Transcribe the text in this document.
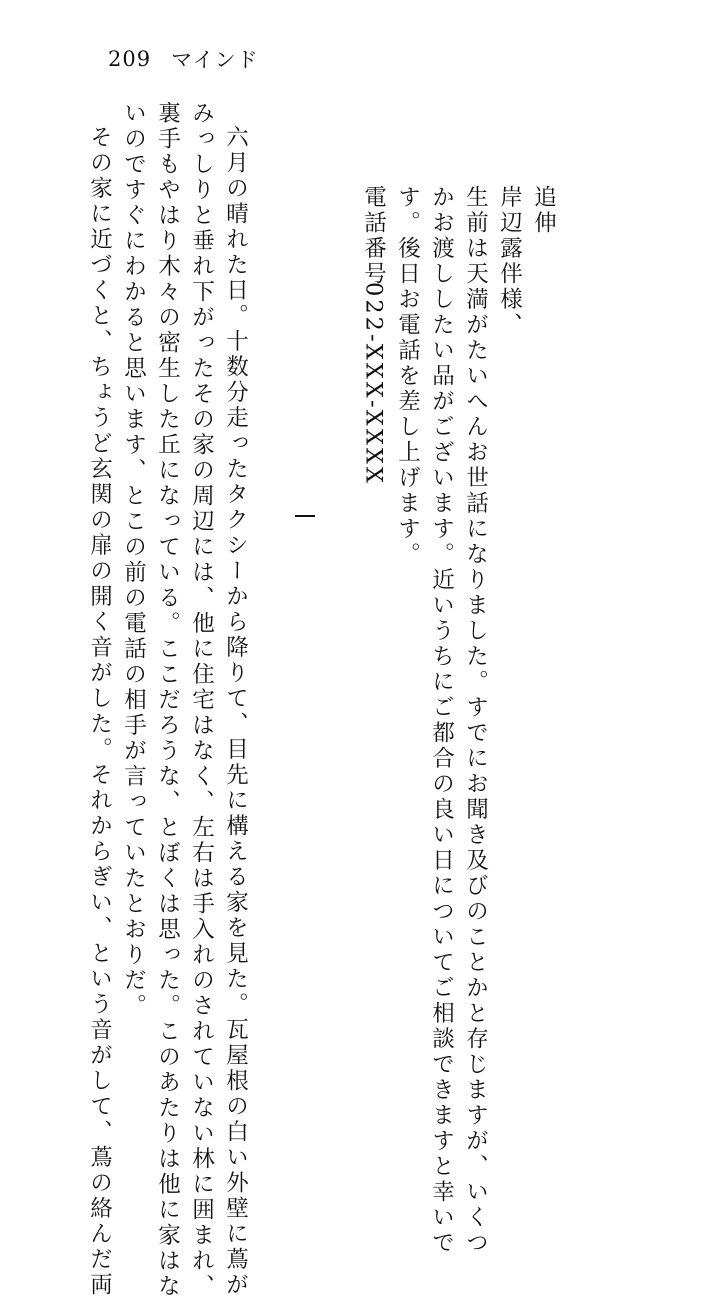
209 マインド
追伸
岸辺露伴様、
生前は天満がたいへんお世話になりました。すでにお聞き及びのことかと存じますが、いくつ
かお渡ししたい品がございます。近いうちにご都合の良い日についてご相談できますと幸いで
す。後日お電話を差し上げます。
電話番号
022-XXX-XXXX
六月の晴れた日。十数分走ったタクシーから降りて、目先に構える家を見た。瓦屋根の白い外壁に蔦が
みっしりと垂れ下がったその家の周辺には、他に住宅はなく、左右は手入れのされていない林に囲まれ、
裏手もやはり木々の密生した丘になっている。ここだろうな、とぼくは思った。このあたりは他に家はな
いのですぐにわかると思います、とこの前の電話の相手が言っていたとおりだ。
その家に近づくと、ちょうど玄関の扉の開く音がした。それからぎい、という音がして、蔦の絡んだ両
